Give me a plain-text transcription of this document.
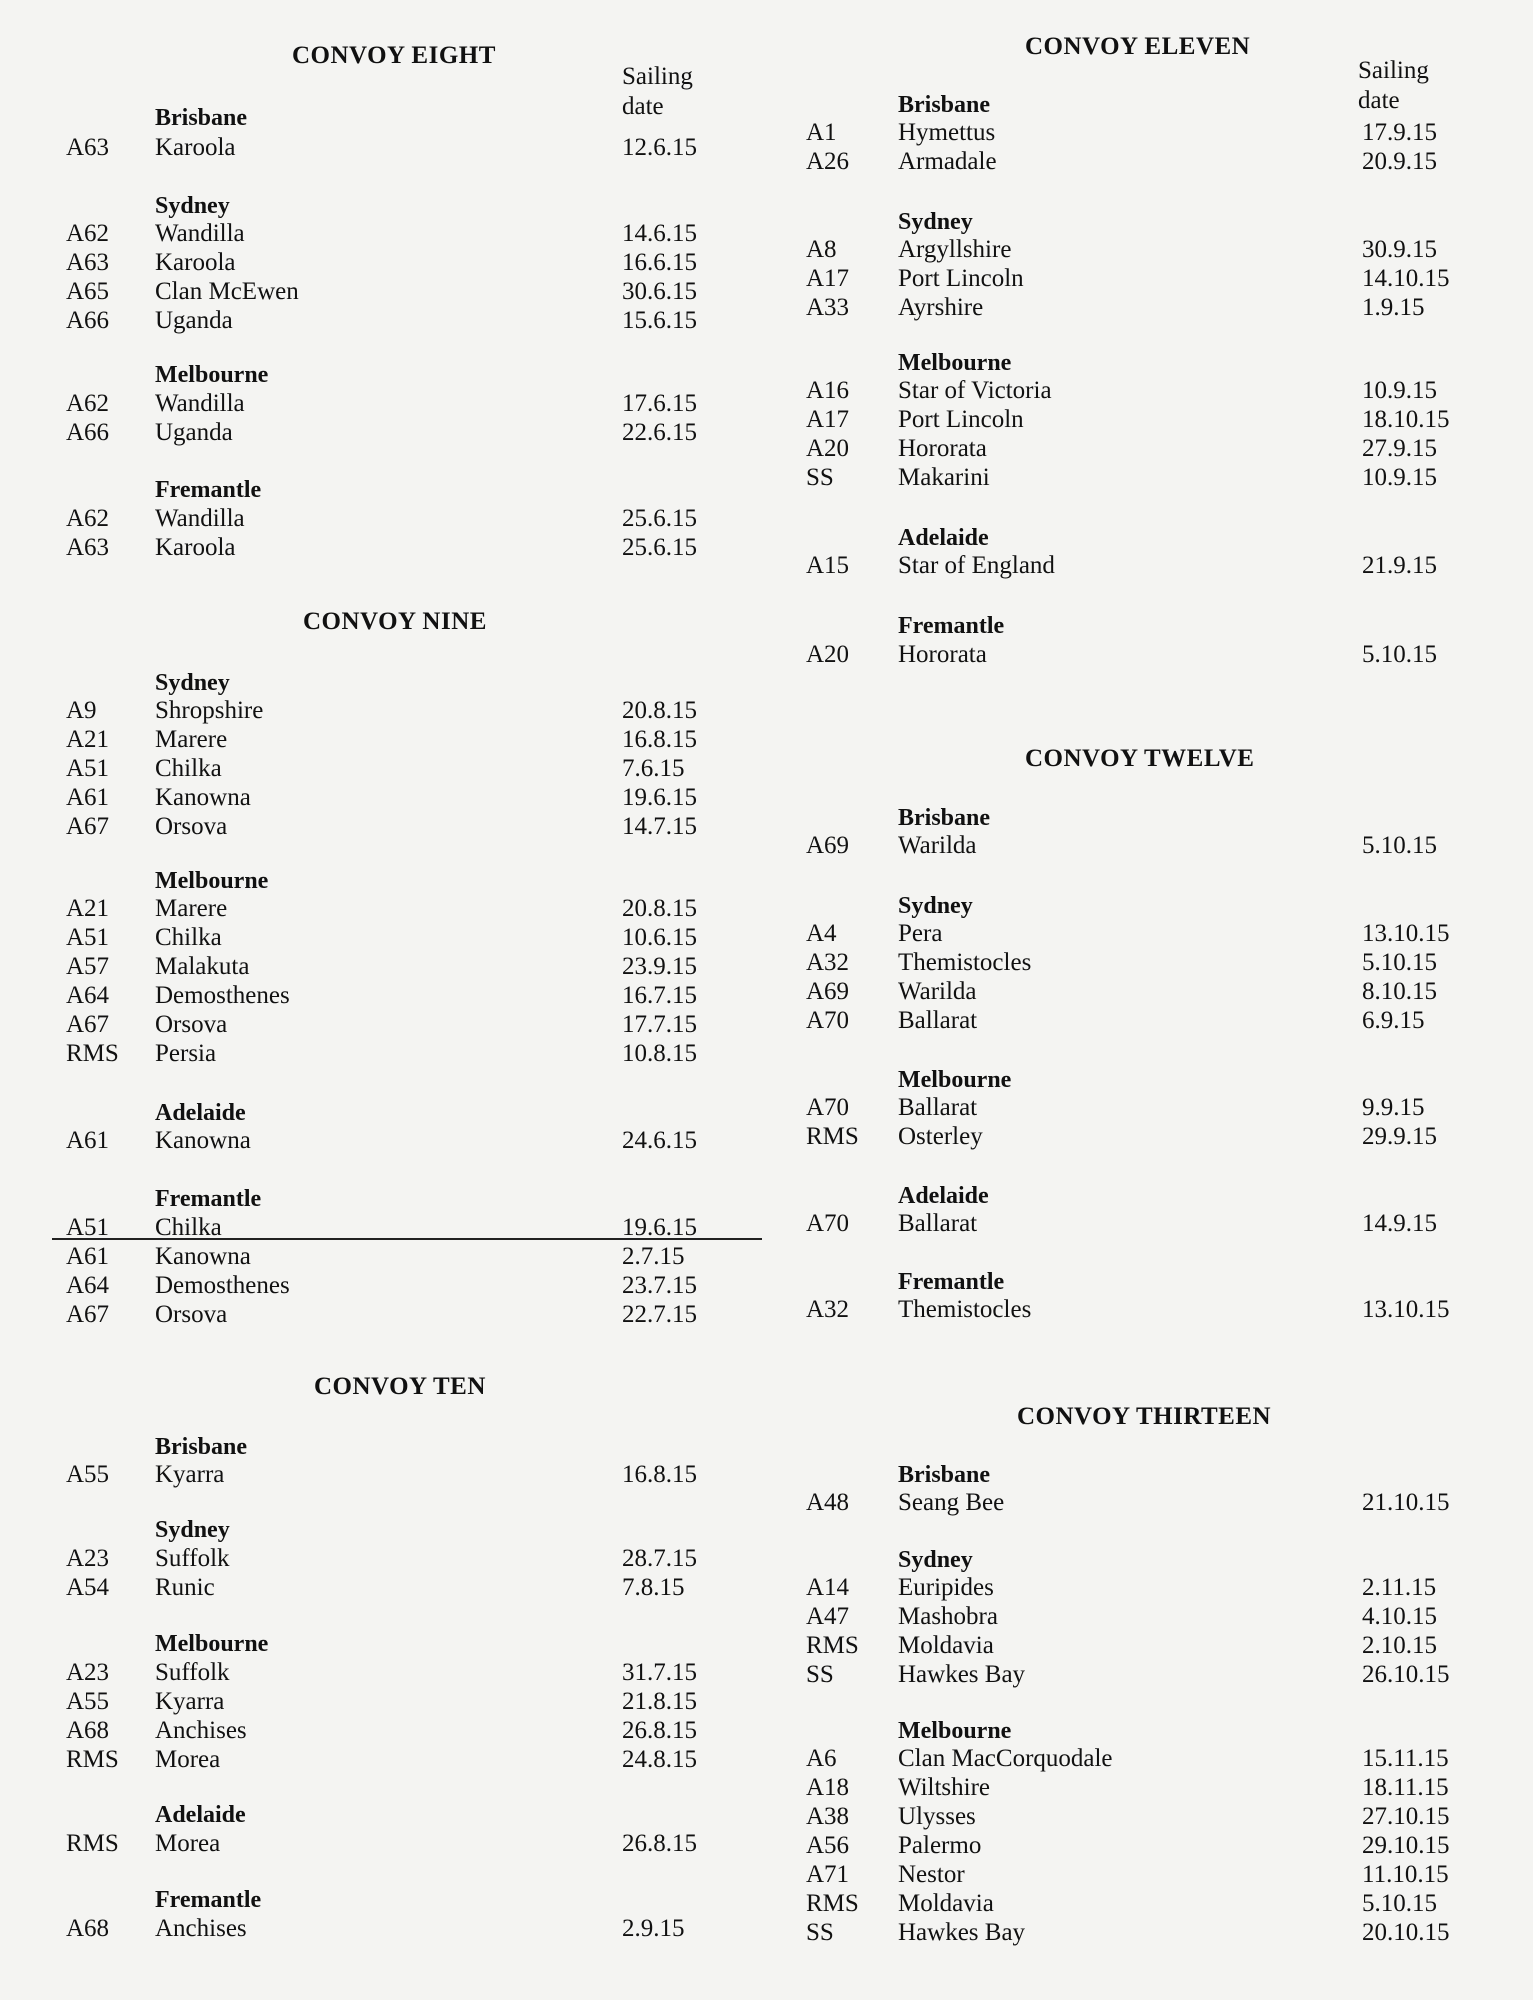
CONVOY EIGHT
Sailing
date
Brisbane
A63 Karoola	12.6.15
Sydney
A62 Wandilla	14.6.15
A63 Karoola	16.6.15
A65 Clan McEwen	30.6.15
A66 Uganda	15.6.15
Melbourne
A62 Wandilla	17.6.15
A66 Uganda	22.6.15
Fremantle
A62 Wandilla	25.6.15
A63 Karoola	25.6.15
CONVOY NINE
Sydney
A9 Shropshire	20.8.15
A21 Marere	16.8.15
A51 Chilka	7.6.15
A61 Kanowna	19.6.15
A67 Orsova	14.7.15
Melbourne
A21 Marere	20.8.15
A51 Chilka	10.6.15
A57 Malakuta	23.9.15
A64 Demosthenes	16.7.15
A67 Orsova	17.7.15
RMS Persia	10.8.15
Adelaide
A61 Kanowna	24.6.15
Fremantle
A51 Chilka	19.6.15
A61 Kanowna	2.7.15
A64 Demosthenes	23.7.15
A67 Orsova	22.7.15
CONVOY TEN
Brisbane
A55 Kyarra	16.8.15
Sydney
A23 Suffolk	28.7.15
A54 Runic	7.8.15
Melbourne
A23 Suffolk	31.7.15
A55 Kyarra	21.8.15
A68 Anchises	26.8.15
RMS Morea	24.8.15
Adelaide
RMS Morea	26.8.15
Fremantle
A68 Anchises	2.9.15
CONVOY ELEVEN
Sailing
date
Brisbane
A1 Hymettus	17.9.15
A26 Armadale	20.9.15
Sydney
A8 Argyllshire	30.9.15
A17 Port Lincoln	14.10.15
A33 Ayrshire	1.9.15
Melbourne
A16 Star of Victoria	10.9.15
A17 Port Lincoln	18.10.15
A20 Hororata	27.9.15
SS	Makarini	10.9.15
Adelaide
A15 Star of England	21.9.15
Fremantle
A20 Hororata	5.10.15
CONVOY TWELVE
Brisbane
A69 Warilda	5.10.15
Sydney
A4 Pera	13.10.15
A32 Themistocles	5.10.15
A69 Warilda	8.10.15
A70 Ballarat	6.9.15
Melbourne
A70 Ballarat	9.9.15
RMS Osterley	29.9.15
Adelaide
A70 Ballarat	14.9.15
Fremantle
A32 Themistocles	13.10.15
CONVOY THIRTEEN
Brisbane
A48 Seang Bee	21.10.15
Sydney
A14 Euripides	2.11.15
A47 Mashobra	4.10.15
RMS Moldavia	2.10.15
SS	Hawkes Bay	26.10.15
Melbourne
A6 Clan MacCorquodale	15.11.15
A18 Wiltshire	18.11.15
A38 Ulysses	27.10.15
A56 Palermo	29.10.15
A71 Nestor	11.10.15
RMS Moldavia	5.10.15
SS	Hawkes Bay	20.10.15
